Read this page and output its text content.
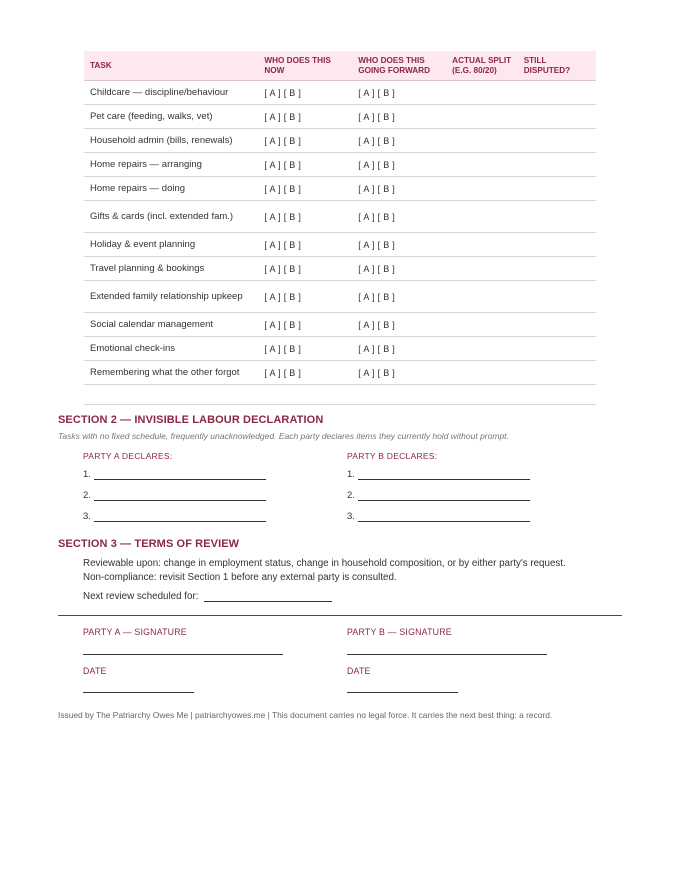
TASK	WHO DOES THIS NOW	WHO DOES THIS GOING FORWARD	ACTUAL SPLIT (E.G. 80/20)	STILL DISPUTED?
Childcare — discipline/behaviour	[ A ] [ B ]	[ A ] [ B ]		
Pet care (feeding, walks, vet)	[ A ] [ B ]	[ A ] [ B ]		
Household admin (bills, renewals)	[ A ] [ B ]	[ A ] [ B ]		
Home repairs — arranging	[ A ] [ B ]	[ A ] [ B ]		
Home repairs — doing	[ A ] [ B ]	[ A ] [ B ]		
Gifts & cards (incl. extended fam.)	[ A ] [ B ]	[ A ] [ B ]		
Holiday & event planning	[ A ] [ B ]	[ A ] [ B ]		
Travel planning & bookings	[ A ] [ B ]	[ A ] [ B ]		
Extended family relationship upkeep	[ A ] [ B ]	[ A ] [ B ]		
Social calendar management	[ A ] [ B ]	[ A ] [ B ]		
Emotional check-ins	[ A ] [ B ]	[ A ] [ B ]		
Remembering what the other forgot	[ A ] [ B ]	[ A ] [ B ]		
SECTION 2 — INVISIBLE LABOUR DECLARATION

Tasks with no fixed schedule, frequently unacknowledged. Each party declares items they currently hold without prompt.

PARTY A DECLARES:	PARTY B DECLARES:
1.
2.
3.
1.
2.
3.
SECTION 3 — TERMS OF REVIEW

Reviewable upon: change in employment status, change in household composition, or by either party's request.

Non-compliance: revisit Section 1 before any external party is consulted.

Next review scheduled for:
PARTY A — SIGNATURE	PARTY B — SIGNATURE
DATE	DATE

Issued by The Patriarchy Owes Me | patriarchyowes.me | This document carries no legal force. It carries the next best thing: a record.
